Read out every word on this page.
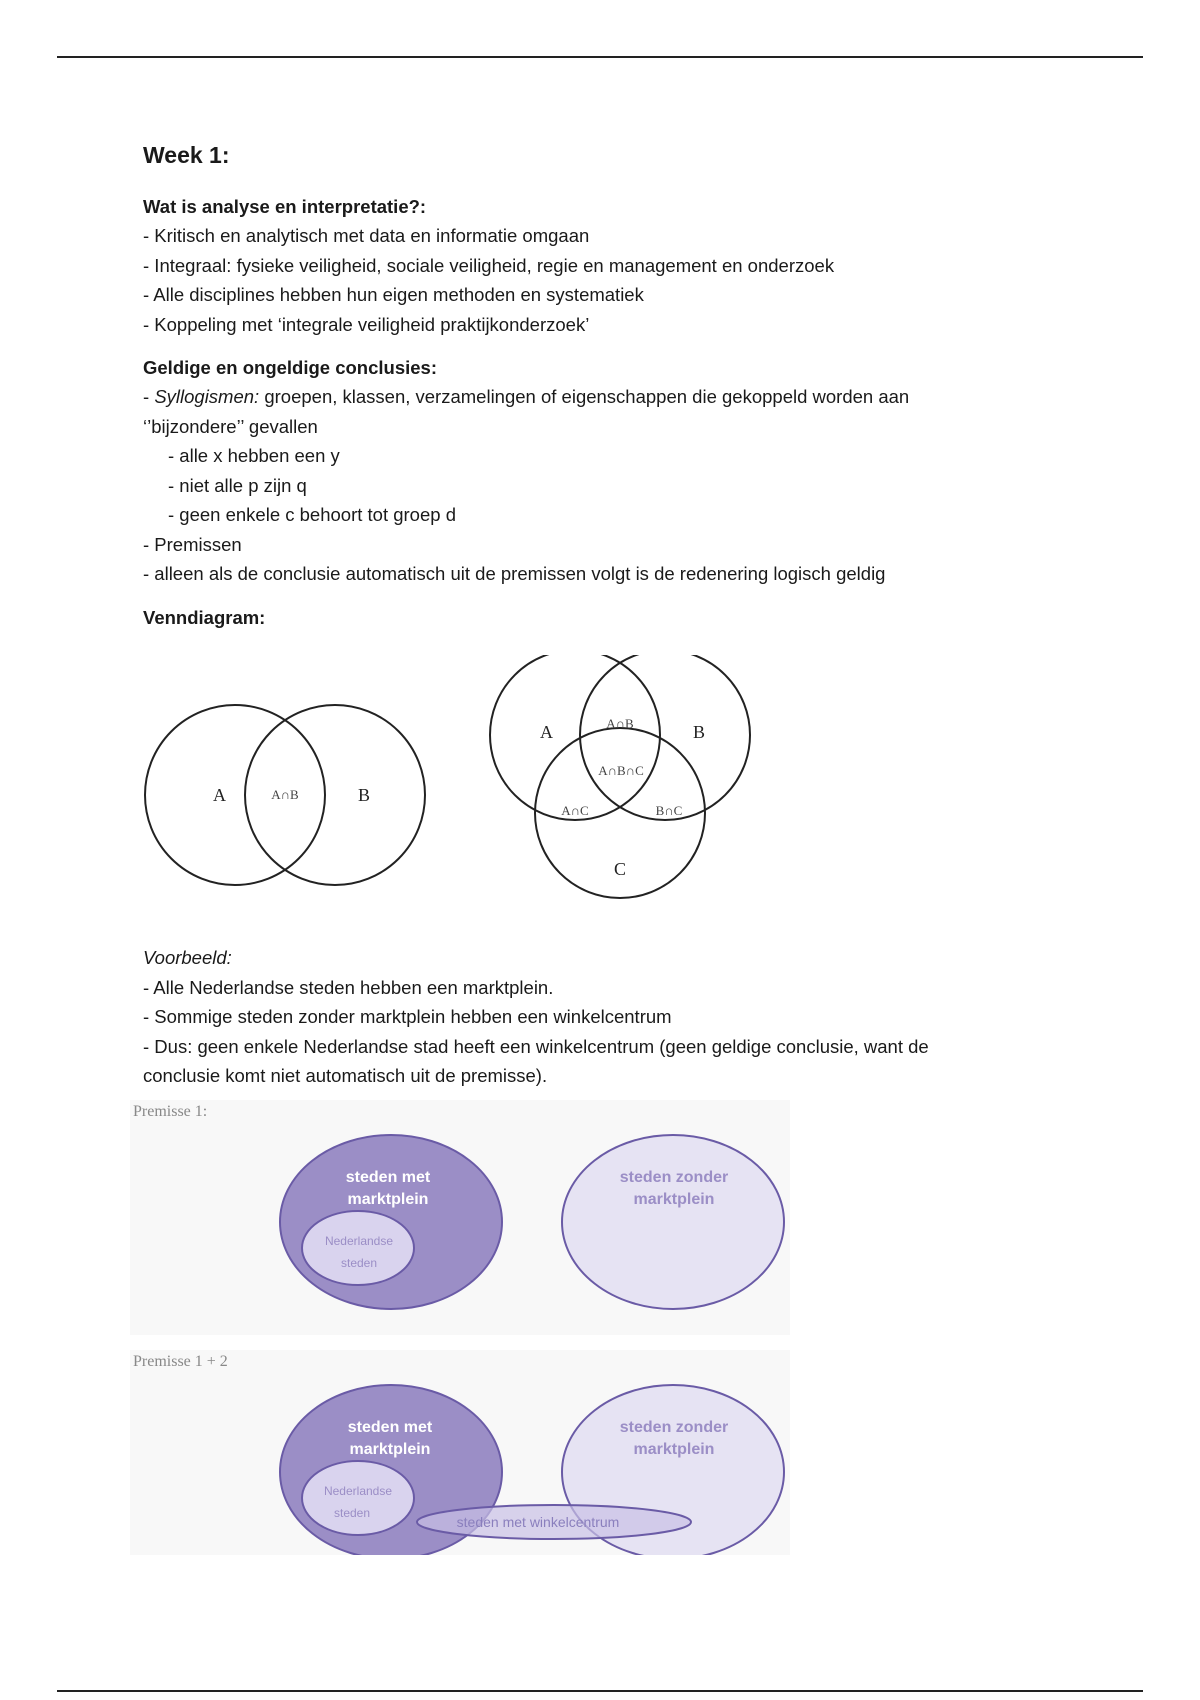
Week 1:
Wat is analyse en interpretatie?:
- Kritisch en analytisch met data en informatie omgaan
- Integraal: fysieke veiligheid, sociale veiligheid, regie en management en onderzoek
- Alle disciplines hebben hun eigen methoden en systematiek
- Koppeling met ‘integrale veiligheid praktijkonderzoek’
Geldige en ongeldige conclusies:
- Syllogismen: groepen, klassen, verzamelingen of eigenschappen die gekoppeld worden aan
‘’bijzondere’’ gevallen
- alle x hebben een y
- niet alle p zijn q
- geen enkele c behoort tot groep d
- Premissen
- alleen als de conclusie automatisch uit de premissen volgt is de redenering logisch geldig
Venndiagram:
A	A∩B	B
A	A∩B	B
A∩B∩C
A∩C	B∩C
C
Voorbeeld:
- Alle Nederlandse steden hebben een marktplein.
- Sommige steden zonder marktplein hebben een winkelcentrum
- Dus: geen enkele Nederlandse stad heeft een winkelcentrum (geen geldige conclusie, want de
conclusie komt niet automatisch uit de premisse).
Premisse 1:
steden met
marktplein
Nederlandse
steden
steden zonder
marktplein
Premisse 1 + 2
steden met
marktplein
Nederlandse
steden
steden zonder
marktplein
steden met winkelcentrum
